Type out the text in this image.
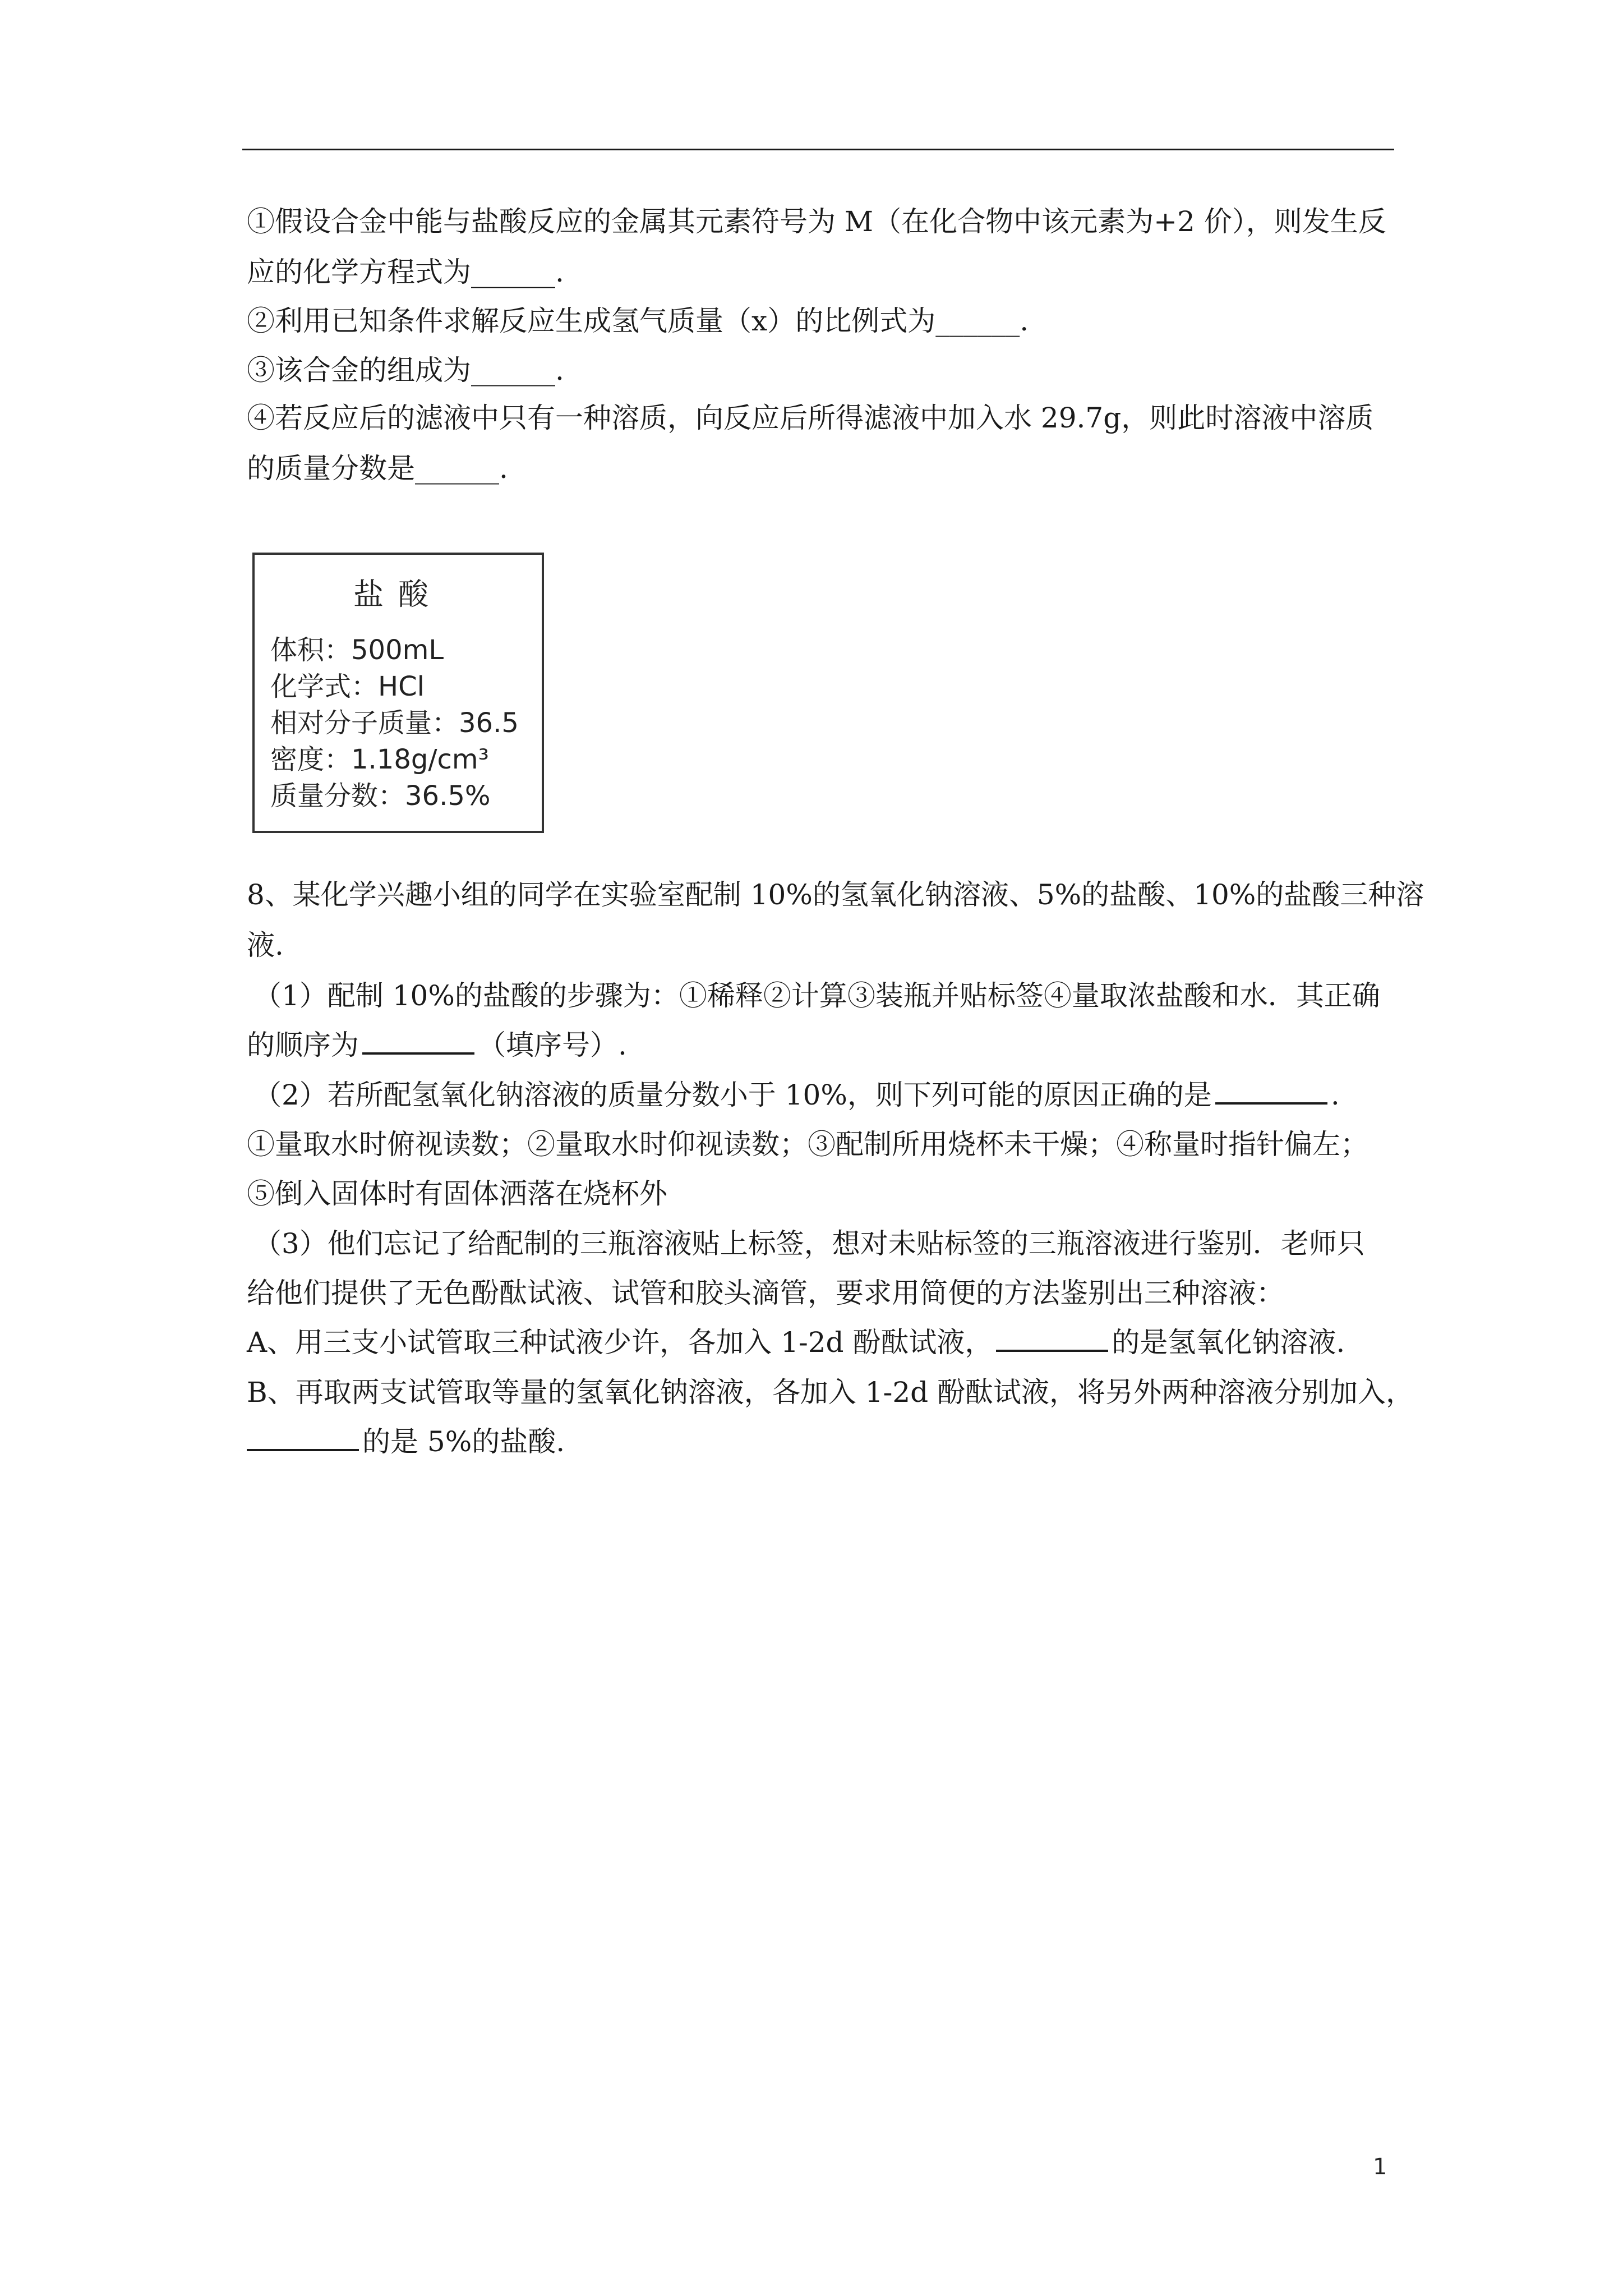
①假设合金中能与盐酸反应的金属其元素符号为 M（在化合物中该元素为+2 价），则发生反
应的化学方程式为______.
②利用已知条件求解反应生成氢气质量（x）的比例式为______.
③该合金的组成为______.
④若反应后的滤液中只有一种溶质，向反应后所得滤液中加入水 29.7g，则此时溶液中溶质
的质量分数是______.
盐酸
体积：500mL
化学式：HCl
相对分子质量：36.5
密度：1.18g/cm³
质量分数：36.5%
8、某化学兴趣小组的同学在实验室配制 10%的氢氧化钠溶液、5%的盐酸、10%的盐酸三种溶
液.
（1）配制 10%的盐酸的步骤为：①稀释②计算③装瓶并贴标签④量取浓盐酸和水．其正确
的顺序为	（填序号）.
（2）若所配氢氧化钠溶液的质量分数小于 10%，则下列可能的原因正确的是	.
①量取水时俯视读数；②量取水时仰视读数；③配制所用烧杯未干燥；④称量时指针偏左；
⑤倒入固体时有固体洒落在烧杯外
（3）他们忘记了给配制的三瓶溶液贴上标签，想对未贴标签的三瓶溶液进行鉴别．老师只
给他们提供了无色酚酞试液、试管和胶头滴管，要求用简便的方法鉴别出三种溶液：
A、用三支小试管取三种试液少许，各加入 1-2d 酚酞试液，	的是氢氧化钠溶液.
B、再取两支试管取等量的氢氧化钠溶液，各加入 1-2d 酚酞试液，将另外两种溶液分别加入，
的是 5%的盐酸.
1
